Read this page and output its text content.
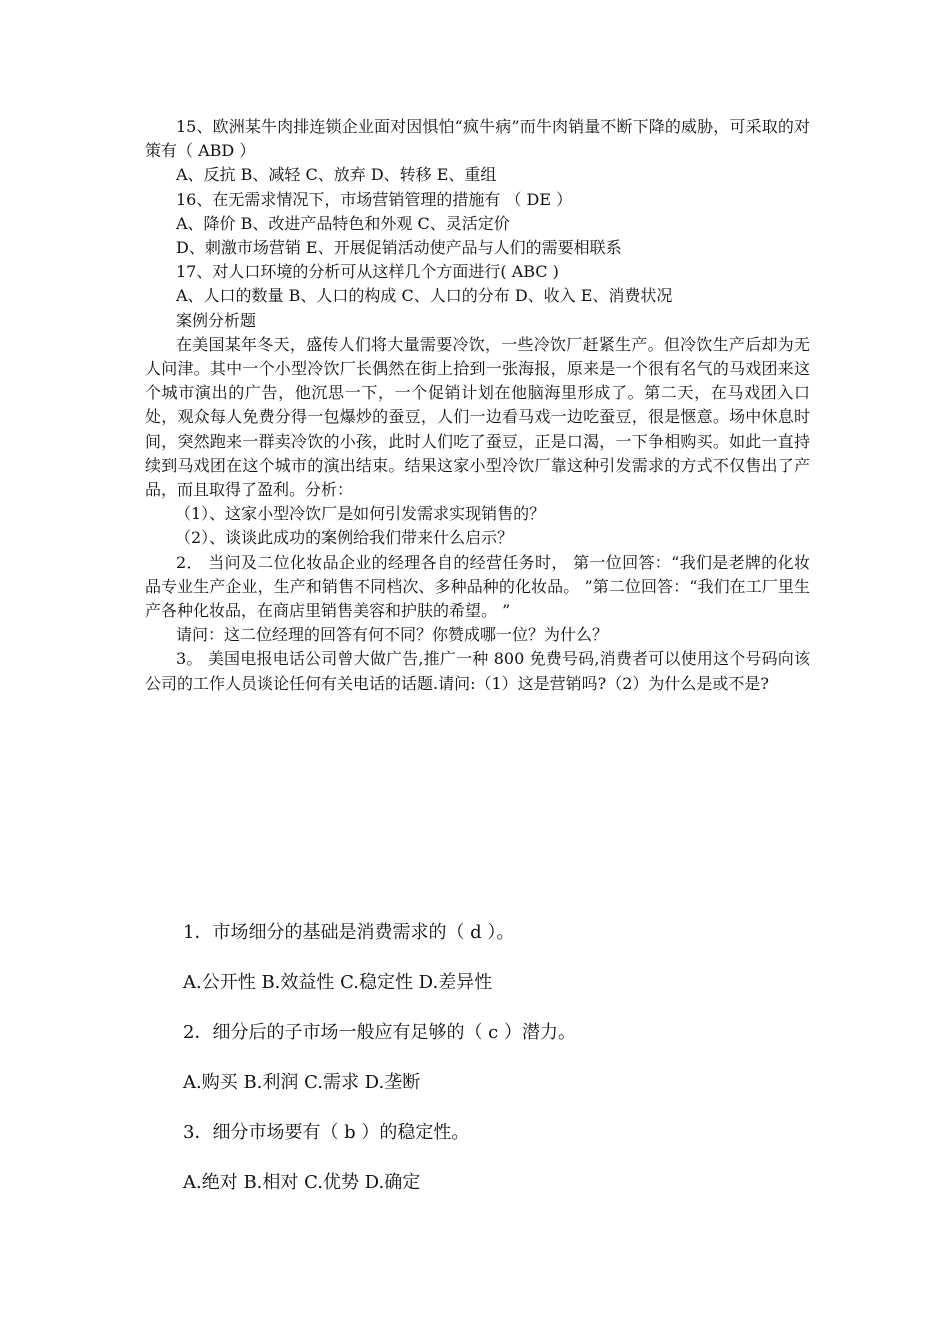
15、欧洲某牛肉排连锁企业面对因惧怕“疯牛病”而牛肉销量不断下降的威胁，可采取的对策有（ ABD ）

A、反抗 B、减轻 C、放弃 D、转移 E、重组

16、在无需求情况下，市场营销管理的措施有 （ DE ）

A、降价 B、改进产品特色和外观 C、灵活定价

D、刺激市场营销 E、开展促销活动使产品与人们的需要相联系

17、对人口环境的分析可从这样几个方面进行( ABC )

A、人口的数量 B、人口的构成 C、人口的分布 D、收入 E、消费状况

案例分析题

在美国某年冬天，盛传人们将大量需要冷饮，一些冷饮厂赶紧生产。但冷饮生产后却为无人问津。其中一个小型冷饮厂长偶然在街上拾到一张海报，原来是一个很有名气的马戏团来这个城市演出的广告，他沉思一下，一个促销计划在他脑海里形成了。第二天，在马戏团入口处，观众每人免费分得一包爆炒的蚕豆，人们一边看马戏一边吃蚕豆，很是惬意。场中休息时间，突然跑来一群卖冷饮的小孩，此时人们吃了蚕豆，正是口渴，一下争相购买。如此一直持续到马戏团在这个城市的演出结束。结果这家小型冷饮厂靠这种引发需求的方式不仅售出了产品，而且取得了盈利。分析：

（1）、这家小型冷饮厂是如何引发需求实现销售的？

（2）、谈谈此成功的案例给我们带来什么启示？

2． 当问及二位化妆品企业的经理各自的经营任务时， 第一位回答：“我们是老牌的化妆品专业生产企业，生产和销售不同档次、多种品种的化妆品。 ”第二位回答：“我们在工厂里生产各种化妆品，在商店里销售美容和护肤的希望。 ”

请问：这二位经理的回答有何不同？你赞成哪一位？为什么？

3。 美国电报电话公司曾大做广告,推广一种 800 免费号码,消费者可以使用这个号码向该公司的工作人员谈论任何有关电话的话题.请问:（1）这是营销吗?（2）为什么是或不是?

1．市场细分的基础是消费需求的（ d ）。

A.公开性 B.效益性 C.稳定性 D.差异性

2．细分后的子市场一般应有足够的（ c ）潜力。

A.购买 B.利润 C.需求 D.垄断

3．细分市场要有（ b ）的稳定性。

A.绝对 B.相对 C.优势 D.确定
